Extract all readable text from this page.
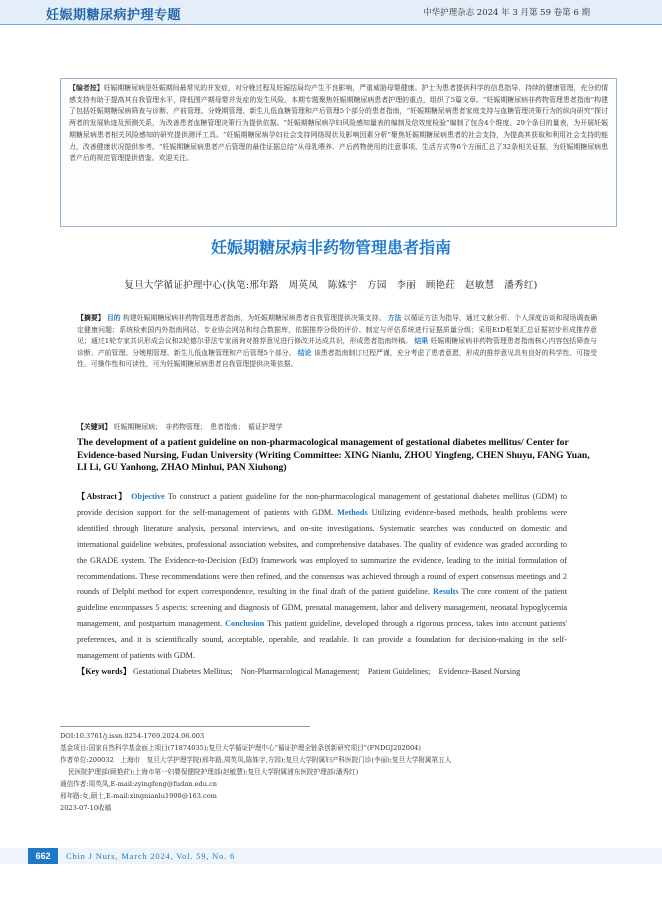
妊娠期糖尿病护理专题	中华护理杂志 2024 年 3 月第 59 卷第 6 期

【编者按】妊娠期糖尿病是妊娠期间最常见的并发症，对分娩过程及妊娠结局均产生不良影响，严重威胁母婴健康。护士为患者提供科学的信息指导、持续的健康管理，充分的情感支持有助于提高其自我管理水平，降低围产期母婴并发症的发生风险。本期专题聚焦妊娠期糖尿病患者护理的重点，组织了5篇文章。“妊娠期糖尿病非药物管理患者指南”构建了包括妊娠期糖尿病筛查与诊断、产前管理、分娩期管理、新生儿低血糖管理和产后管理5个部分的患者指南，“妊娠期糖尿病患者家庭支持与血糖管理决策行为的纵向研究”探讨两者的发展轨迹及预测关系，为改善患者血糖管理决策行为提供依据。“妊娠期糖尿病孕妇风险感知量表的编制及信效度检验”编制了包含4个维度、29个条目的量表，为开展妊娠期糖尿病患者相关风险感知的研究提供测评工具。“妊娠期糖尿病孕妇社会支持网络现状及影响因素分析”聚焦妊娠期糖尿病患者的社会支持，为提高其获取和利用社会支持的能力，改善健康状况提供参考。“妊娠期糖尿病患者产后管理的最佳证据总结”从母乳喂养、产后药物使用的注意事项、生活方式等6个方面汇总了32条相关证据，为妊娠期糖尿病患者产后的规范管理提供借鉴。欢迎关注。

妊娠期糖尿病非药物管理患者指南
复旦大学循证护理中心(执笔:邢年路　周英凤　陈姝宇　方园　李丽　顾艳荭　赵敏慧　潘秀红)
【摘要】 目的 构建妊娠期糖尿病非药物管理患者指南，为妊娠期糖尿病患者自我管理提供决策支持。 方法 以循证方法为指导，通过文献分析、个人深度访谈和现场调查确定健康问题；系统检索国内外指南网站、专业协会网站和综合数据库，依据推荐分级的评价、制定与评估系统进行证据质量分级；采用EtD框架汇总证据初步形成推荐意见；通过1轮专家共识形成会议和2轮德尔菲法专家函询对推荐意见进行修改并达成共识，形成患者指南终稿。 结果 妊娠期糖尿病非药物管理患者指南核心内容包括筛查与诊断、产前管理、分娩期管理、新生儿低血糖管理和产后管理5个部分。 结论 该患者指南制订过程严谨，充分考虑了患者意愿，形成的推荐意见具有良好的科学性、可接受性、可操作性和可读性，可为妊娠期糖尿病患者自我管理提供决策依据。
【关键词】 妊娠期糖尿病；　非药物管理；　患者指南；　循证护理学
The development of a patient guideline on non-pharmacological management of gestational diabetes mellitus/ Center for Evidence-based Nursing, Fudan University (Writing Committee: XING Nianlu, ZHOU Yingfeng, CHEN Shuyu, FANG Yuan, LI Li, GU Yanhong, ZHAO Minhui, PAN Xiuhong)
【Abstract】 Objective To construct a patient guideline for the non-pharmacological management of gestational diabetes mellitus (GDM) to provide decision support for the self-management of patients with GDM. Methods Utilizing evidence-based methods, health problems were identified through literature analysis, personal interviews, and on-site investigations. Systematic searches was conducted on domestic and international guideline websites, professional association websites, and comprehensive databases. The quality of evidence was graded according to the GRADE system. The Evidence-to-Decision (EtD) framework was employed to summarize the evidence, leading to the initial formulation of recommendations. These recommendations were then refined, and the consensus was achieved through a round of expert consensus meetings and 2 rounds of Delphi method for expert correspondence, resulting in the final draft of the patient guideline. Results The core content of the patient guideline encompasses 5 aspects: screening and diagnosis of GDM, prenatal management, labor and delivery management, neonatal hypoglycemia management, and postpartum management. Conclusion This patient guideline, developed through a rigorous process, takes into account patients' preferences, and it is scientifically sound, acceptable, operable, and readable. It can provide a foundation for decision-making in the self-management of patients with GDM.
【Key words】 Gestational Diabetes Mellitus;　Non-Pharmacological Management;　Patient Guidelines;　Evidence-Based Nursing
DOI:10.3761/j.issn.0254-1769.2024.06.003
基金项目:国家自然科学基金面上项目(71874035);复旦大学循证护理中心“循证护理全链条创新研究项目”(FNDGJ202004)
作者单位:200032　上海市　复旦大学护理学院(邢年路,周英凤,陈姝宇,方园);复旦大学附属妇产科医院门诊(李丽);复旦大学附属第五人
民医院护理部(顾艳荭);上海市第一妇婴保健院护理部(赵敏慧);复旦大学附属浦东医院护理部(潘秀红)
通信作者:周英凤,E-mail:zyingfeng@fudan.edu.cn
邢年路:女,硕士,E-mail:xingnianlu1998@163.com
2023-07-10收稿
662	Chin J Nurs, March 2024, Vol. 59, No. 6
